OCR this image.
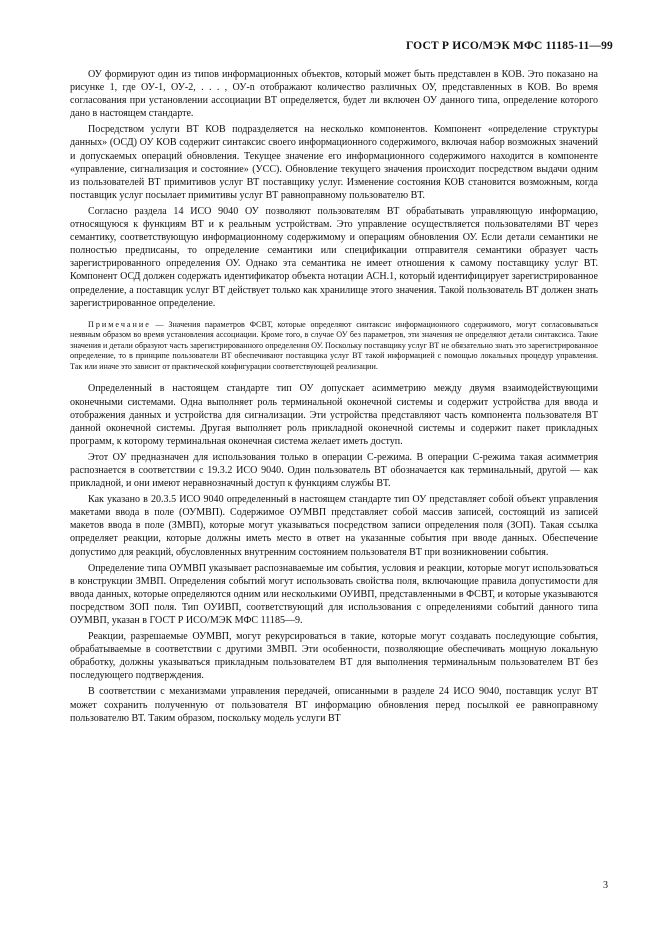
ГОСТ Р ИСО/МЭК МФС 11185-11—99

ОУ формируют один из типов информационных объектов, который может быть представлен в КОВ. Это показано на рисунке 1, где ОУ-1, ОУ-2, . . . , ОУ-n отображают количество различных ОУ, представленных в КОВ. Во время согласования при установлении ассоциации ВТ определяется, будет ли включен ОУ данного типа, определение которого дано в настоящем стандарте.

Посредством услуги ВТ КОВ подразделяется на несколько компонентов. Компонент «определение структуры данных» (ОСД) ОУ КОВ содержит синтаксис своего информационного содержимого, включая набор возможных значений и допускаемых операций обновления. Текущее значение его информационного содержимого находится в компоненте «управление, сигнализация и состояние» (УСС). Обновление текущего значения происходит посредством выдачи одним из пользователей ВТ примитивов услуг ВТ поставщику услуг. Изменение состояния КОВ становится возможным, когда поставщик услуг посылает примитивы услуг ВТ равноправному пользователю ВТ.

Согласно раздела 14 ИСО 9040 ОУ позволяют пользователям ВТ обрабатывать управляющую информацию, относящуюся к функциям ВТ и к реальным устройствам. Это управление осуществляется пользователями ВТ через семантику, соответствующую информационному содержимому и операциям обновления ОУ. Если детали семантики не полностью предписаны, то определение семантики или спецификации отправителя семантики образует часть зарегистрированного определения ОУ. Однако эта семантика не имеет отношения к самому поставщику услуг ВТ. Компонент ОСД должен содержать идентификатор объекта нотации АСН.1, который идентифицирует зарегистрированное определение, а поставщик услуг ВТ действует только как хранилище этого значения. Такой пользователь ВТ должен знать зарегистрированное определение.

Примечание — Значения параметров ФСВТ, которые определяют синтаксис информационного содержимого, могут согласовываться неявным образом во время установления ассоциации. Кроме того, в случае ОУ без параметров, эти значения не определяют детали синтаксиса. Такие значения и детали образуют часть зарегистрированного определения ОУ. Поскольку поставщику услуг ВТ не обязательно знать это зарегистрированное определение, то в принципе пользователи ВТ обеспечивают поставщика услуг ВТ такой информацией с помощью локальных процедур управления. Так или иначе это зависит от практической конфигурации соответствующей реализации.

Определенный в настоящем стандарте тип ОУ допускает асимметрию между двумя взаимодействующими оконечными системами. Одна выполняет роль терминальной оконечной системы и содержит устройства для ввода и отображения данных и устройства для сигнализации. Эти устройства представляют часть компонента пользователя ВТ данной оконечной системы. Другая выполняет роль прикладной оконечной системы и содержит пакет прикладных программ, к которому терминальная оконечная система желает иметь доступ.

Этот ОУ предназначен для использования только в операции С-режима. В операции С-режима такая асимметрия распознается в соответствии с 19.3.2 ИСО 9040. Один пользователь ВТ обозначается как терминальный, другой — как прикладной, и они имеют неравнозначный доступ к функциям службы ВТ.

Как указано в 20.3.5 ИСО 9040 определенный в настоящем стандарте тип ОУ представляет собой объект управления макетами ввода в поле (ОУМВП). Содержимое ОУМВП представляет собой массив записей, состоящий из записей макетов ввода в поле (ЗМВП), которые могут указываться посредством записи определения поля (ЗОП). Такая ссылка определяет реакции, которые должны иметь место в ответ на указанные события при вводе данных. Обеспечение допустимо для реакций, обусловленных внутренним состоянием пользователя ВТ при возникновении события.

Определение типа ОУМВП указывает распознаваемые им события, условия и реакции, которые могут использоваться в конструкции ЗМВП. Определения событий могут использовать свойства поля, включающие правила допустимости для ввода данных, которые определяются одним или несколькими ОУИВП, представленными в ФСВТ, и которые указываются посредством ЗОП поля. Тип ОУИВП, соответствующий для использования с определениями событий данного типа ОУМВП, указан в ГОСТ Р ИСО/МЭК МФС 11185—9.

Реакции, разрешаемые ОУМВП, могут рекурсироваться в такие, которые могут создавать последующие события, обрабатываемые в соответствии с другими ЗМВП. Эти особенности, позволяющие обеспечивать мощную локальную обработку, должны указываться прикладным пользователем ВТ для выполнения терминальным пользователем ВТ без последующего подтверждения.

В соответствии с механизмами управления передачей, описанными в разделе 24 ИСО 9040, поставщик услуг ВТ может сохранить полученную от пользователя ВТ информацию обновления перед посылкой ее равноправному пользователю ВТ. Таким образом, поскольку модель услуги ВТ

3
